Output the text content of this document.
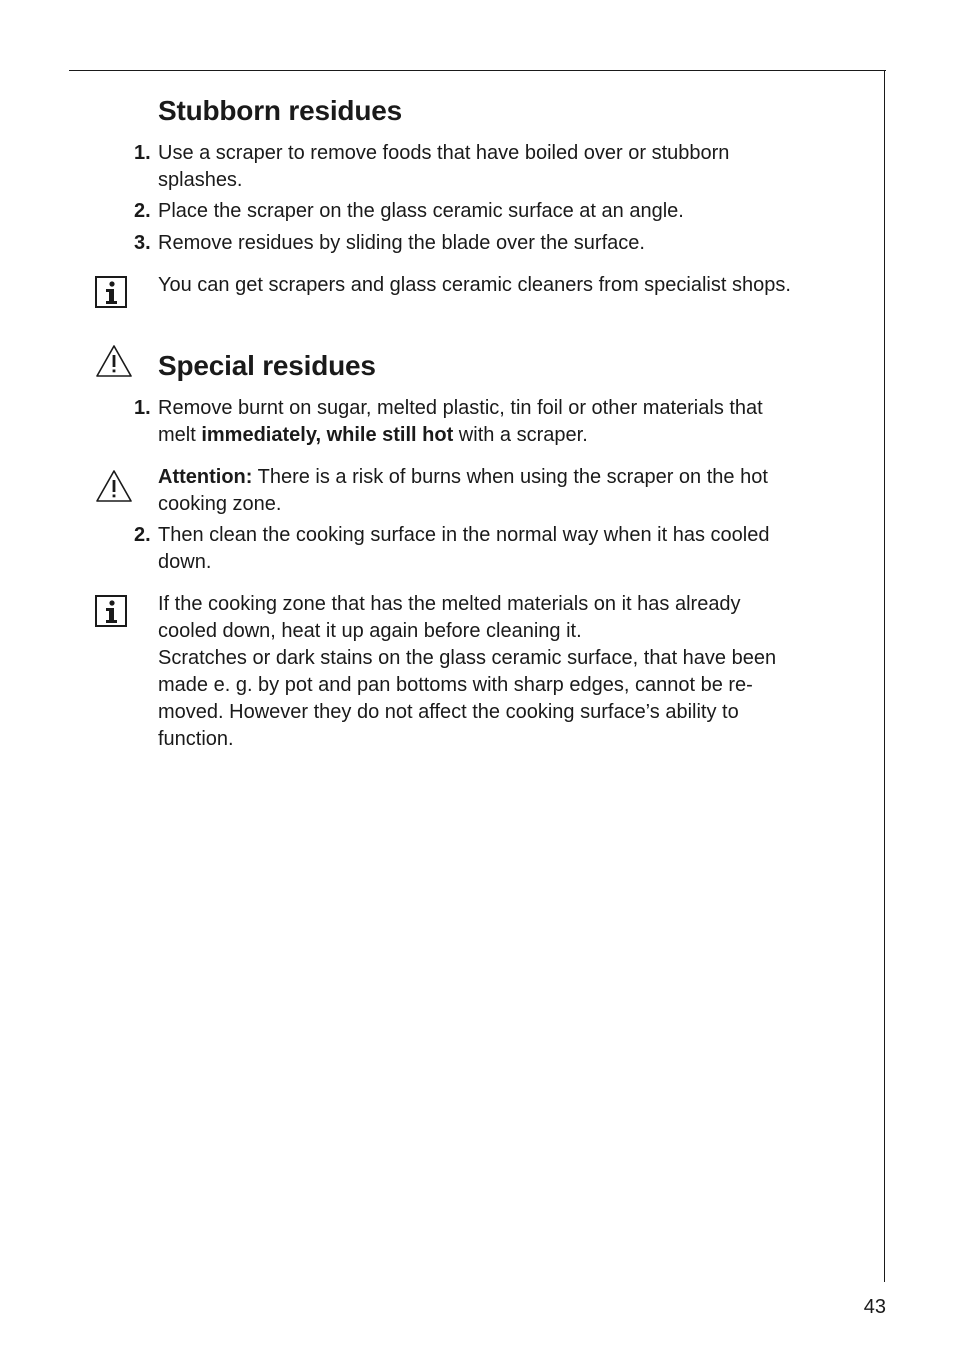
Stubborn residues
1. Use a scraper to remove foods that have boiled over or stubborn
splashes.

2. Place the scraper on the glass ceramic surface at an angle.

3. Remove residues by sliding the blade over the surface.

You can get scrapers and glass ceramic cleaners from specialist shops.

Special residues
1. Remove burnt on sugar, melted plastic, tin foil or other materials that
melt immediately, while still hot with a scraper.

Attention: There is a risk of burns when using the scraper on the hot
cooking zone.

2. Then clean the cooking surface in the normal way when it has cooled
down.

If the cooking zone that has the melted materials on it has already
cooled down, heat it up again before cleaning it.
Scratches or dark stains on the glass ceramic surface, that have been
made e. g. by pot and pan bottoms with sharp edges, cannot be re-
moved. However they do not affect the cooking surface’s ability to
function.

43
